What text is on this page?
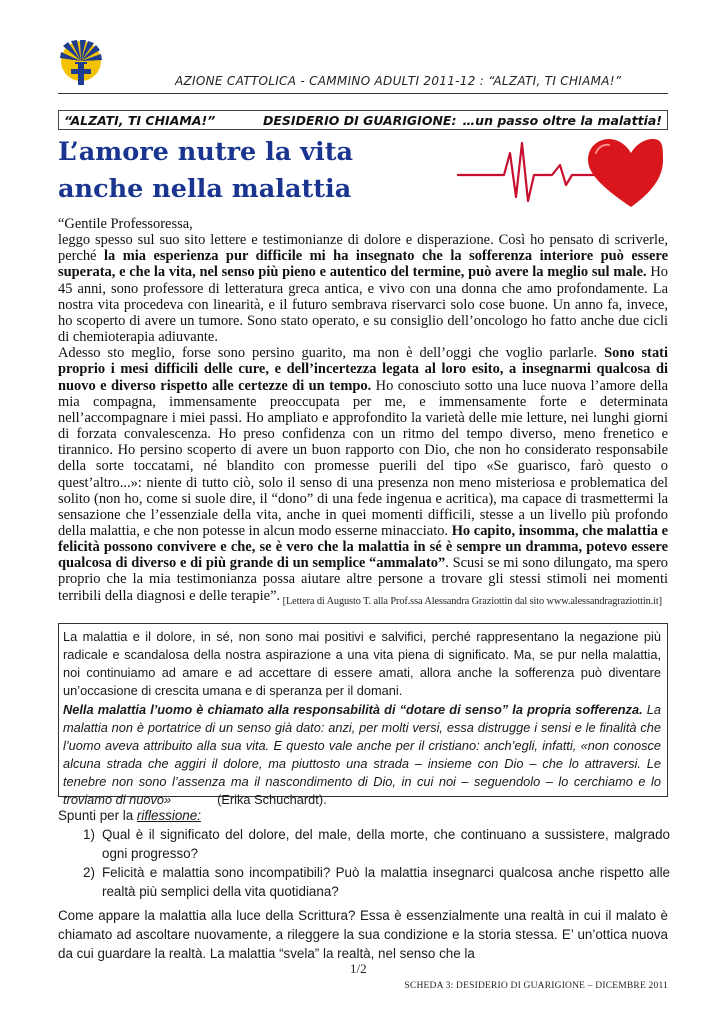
AZIONE CATTOLICA - CAMMINO ADULTI 2011-12 : “ALZATI, TI CHIAMA!”
“ALZATI, TI CHIAMA!”	DESIDERIO DI GUARIGIONE: …un passo oltre la malattia!
L’amore nutre la vita
anche nella malattia

“Gentile Professoressa,

leggo spesso sul suo sito lettere e testimonianze di dolore e disperazione. Così ho pensato di scriverle, perché la mia esperienza pur difficile mi ha insegnato che la sofferenza interiore può essere superata, e che la vita, nel senso più pieno e autentico del termine, può avere la meglio sul male. Ho 45 anni, sono professore di letteratura greca antica, e vivo con una donna che amo profondamente. La nostra vita procedeva con linearità, e il futuro sembrava riservarci solo cose buone. Un anno fa, invece, ho scoperto di avere un tumore. Sono stato operato, e su consiglio dell’oncologo ho fatto anche due cicli di chemioterapia adiuvante.

Adesso sto meglio, forse sono persino guarito, ma non è dell’oggi che voglio parlarle. Sono stati proprio i mesi difficili delle cure, e dell’incertezza legata al loro esito, a insegnarmi qualcosa di nuovo e diverso rispetto alle certezze di un tempo. Ho conosciuto sotto una luce nuova l’amore della mia compagna, immensamente preoccupata per me, e immensamente forte e determinata nell’accompagnare i miei passi. Ho ampliato e approfondito la varietà delle mie letture, nei lunghi giorni di forzata convalescenza. Ho preso confidenza con un ritmo del tempo diverso, meno frenetico e tirannico. Ho persino scoperto di avere un buon rapporto con Dio, che non ho considerato responsabile della sorte toccatami, né blandito con promesse puerili del tipo «Se guarisco, farò questo o quest’altro...»: niente di tutto ciò, solo il senso di una presenza non meno misteriosa e problematica del solito (non ho, come si suole dire, il “dono” di una fede ingenua e acritica), ma capace di trasmettermi la sensazione che l’essenziale della vita, anche in quei momenti difficili, stesse a un livello più profondo della malattia, e che non potesse in alcun modo esserne minacciato. Ho capito, insomma, che malattia e felicità possono convivere e che, se è vero che la malattia in sé è sempre un dramma, potevo essere qualcosa di diverso e di più grande di un semplice “ammalato”. Scusi se mi sono dilungato, ma spero proprio che la mia testimonianza possa aiutare altre persone a trovare gli stessi stimoli nei momenti terribili della diagnosi e delle terapie”. [Lettera di Augusto T. alla Prof.ssa Alessandra Graziottin dal sito www.alessandragraziottin.it]

La malattia e il dolore, in sé, non sono mai positivi e salvifici, perché rappresentano la negazione più radicale e scandalosa della nostra aspirazione a una vita piena di significato. Ma, se pur nella malattia, noi continuiamo ad amare e ad accettare di essere amati, allora anche la sofferenza può diventare un’occasione di crescita umana e di speranza per il domani.

Nella malattia l’uomo è chiamato alla responsabilità di “dotare di senso” la propria sofferenza. La malattia non è portatrice di un senso già dato: anzi, per molti versi, essa distrugge i sensi e le finalità che l’uomo aveva attribuito alla sua vita. E questo vale anche per il cristiano: anch’egli, infatti, «non conosce alcuna strada che aggiri il dolore, ma piuttosto una strada – insieme con Dio – che lo attraversi. Le tenebre non sono l’assenza ma il nascondimento di Dio, in cui noi – seguendolo – lo cerchiamo e lo troviamo di nuovo»	(Erika Schuchardt).

Spunti per la riflessione:

1) Qual è il significato del dolore, del male, della morte, che continuano a sussistere, malgrado ogni progresso?

2) Felicità e malattia sono incompatibili? Può la malattia insegnarci qualcosa anche rispetto alle realtà più semplici della vita quotidiana?

Come appare la malattia alla luce della Scrittura? Essa è essenzialmente una realtà in cui il malato è chiamato ad ascoltare nuovamente, a rileggere la sua condizione e la storia stessa. E’ un’ottica nuova da cui guardare la realtà. La malattia “svela” la realtà, nel senso che la

1/2
SCHEDA 3: DESIDERIO DI GUARIGIONE – DICEMBRE 2011
